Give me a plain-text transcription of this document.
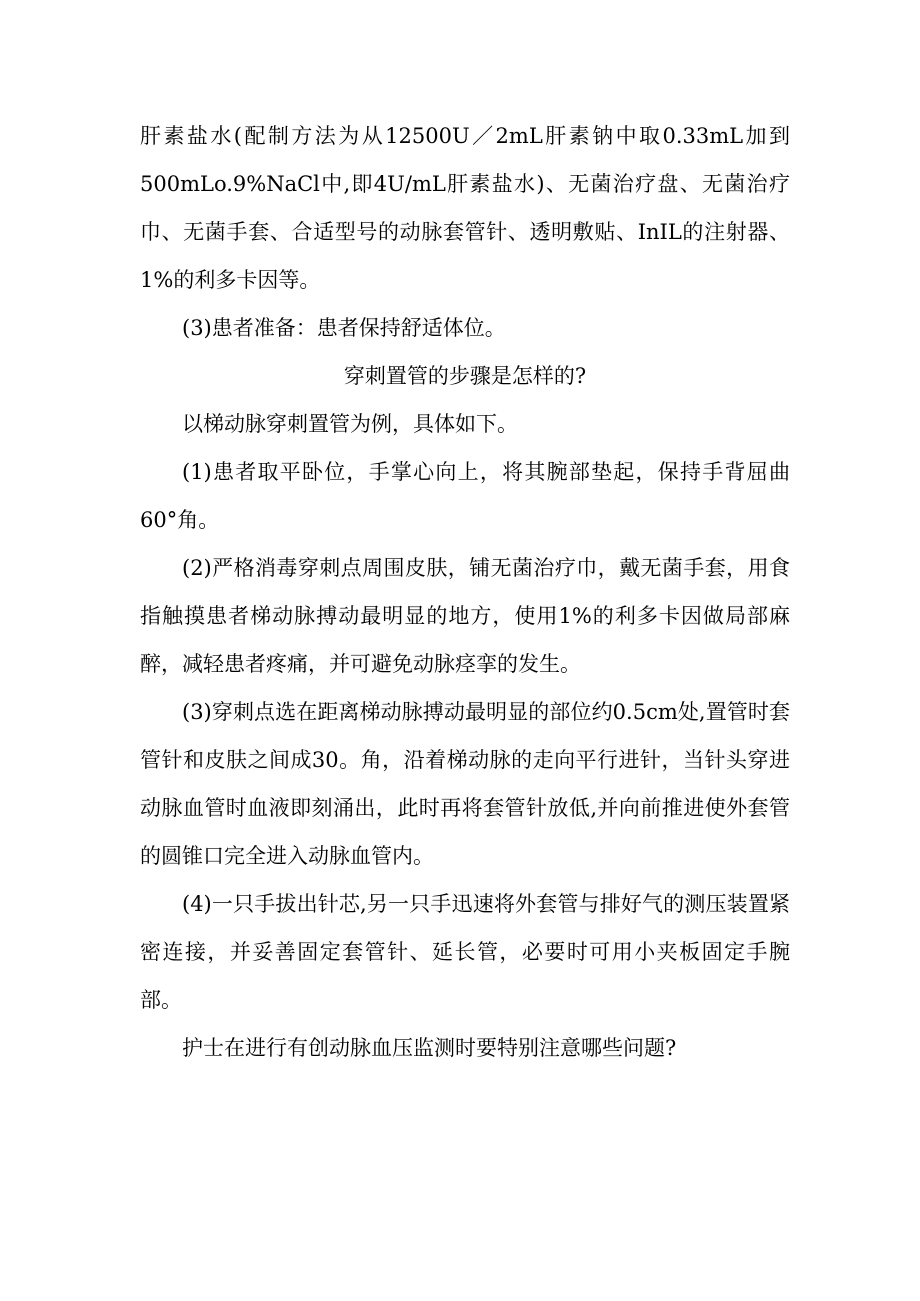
肝素盐水(配制方法为从12500U／2mL肝素钠中取0.33mL加到500mLo.9%NaCl中,即4U/mL肝素盐水)、无菌治疗盘、无菌治疗巾、无菌手套、合适型号的动脉套管针、透明敷贴、InIL的注射器、1%的利多卡因等。

(3)患者准备：患者保持舒适体位。

穿刺置管的步骤是怎样的?

以梯动脉穿刺置管为例，具体如下。

(1)患者取平卧位，手掌心向上，将其腕部垫起，保持手背屈曲60°角。

(2)严格消毒穿刺点周围皮肤，铺无菌治疗巾，戴无菌手套，用食指触摸患者梯动脉搏动最明显的地方，使用1%的利多卡因做局部麻醉，减轻患者疼痛，并可避免动脉痉挛的发生。

(3)穿刺点选在距离梯动脉搏动最明显的部位约0.5cm处,置管时套管针和皮肤之间成30。角，沿着梯动脉的走向平行进针，当针头穿进动脉血管时血液即刻涌出，此时再将套管针放低,并向前推进使外套管的圆锥口完全进入动脉血管内。

(4)一只手拔出针芯,另一只手迅速将外套管与排好气的测压装置紧密连接，并妥善固定套管针、延长管，必要时可用小夹板固定手腕部。

护士在进行有创动脉血压监测时要特别注意哪些问题?
